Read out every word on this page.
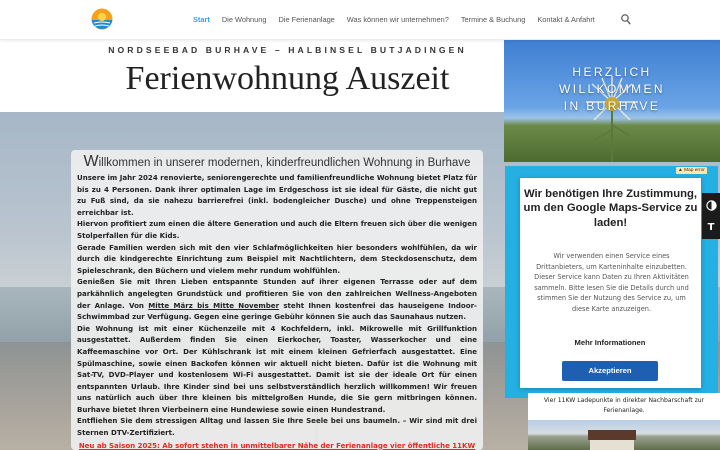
Start Die Wohnung Die Ferienanlage Was können wir unternehmen? Termine & Buchung Kontakt & Anfahrt
NORDSEEBAD BURHAVE – HALBINSEL BUTJADINGEN
Ferienwohnung Auszeit
Willkommen in unserer modernen, kinderfreundlichen Wohnung in Burhave

Unsere im Jahr 2024 renovierte, seniorengerechte und familienfreundliche Wohnung bietet Platz für bis zu 4 Personen. Dank ihrer optimalen Lage im Erdgeschoss ist sie ideal für Gäste, die nicht gut zu Fuß sind, da sie nahezu barrierefrei (inkl. bodengleicher Dusche) und ohne Treppensteigen erreichbar ist.

Hiervon profitiert zum einen die ältere Generation und auch die Eltern freuen sich über die wenigen Stolperfallen für die Kids.

Gerade Familien werden sich mit den vier Schlafmöglichkeiten hier besonders wohlfühlen, da wir durch die kindgerechte Einrichtung zum Beispiel mit Nachtlichtern, dem Steckdosenschutz, dem Spieleschrank, den Büchern und vielem mehr rundum wohlfühlen.

Genießen Sie mit Ihren Lieben entspannte Stunden auf ihrer eigenen Terrasse oder auf dem parkähnlich angelegten Grundstück und profitieren Sie von den zahlreichen Wellness-Angeboten der Anlage. Von Mitte März bis Mitte November steht Ihnen kostenfrei das hauseigene Indoor-Schwimmbad zur Verfügung. Gegen eine geringe Gebühr können Sie auch das Saunahaus nutzen.

Die Wohnung ist mit einer Küchenzeile mit 4 Kochfeldern, inkl. Mikrowelle mit Grillfunktion ausgestattet. Außerdem finden Sie einen Eierkocher, Toaster, Wasserkocher und eine Kaffeemaschine vor Ort. Der Kühlschrank ist mit einem kleinen Gefrierfach ausgestattet. Eine Spülmaschine, sowie einen Backofen können wir aktuell nicht bieten. Dafür ist die Wohnung mit Sat-TV, DVD-Player und kostenlosem Wi-Fi ausgestattet. Damit ist sie der ideale Ort für einen entspannten Urlaub. Ihre Kinder sind bei uns selbstverständlich herzlich willkommen! Wir freuen uns natürlich auch über Ihre kleinen bis mittelgroßen Hunde, die Sie gern mitbringen können. Burhave bietet Ihren Vierbeinern eine Hundewiese sowie einen Hundestrand.

Entfliehen Sie dem stressigen Alltag und lassen Sie Ihre Seele bei uns baumeln. – Wir sind mit drei Sternen DTV-Zertifiziert.

Neu ab Saison 2025: Ab sofort stehen in unmittelbarer Nähe der Ferienanlage vier öffentliche 11KW

HERZLICH
WILLKOMMEN
IN BURHAVE
▲ Map error
Wir benötigen Ihre Zustimmung, um den Google Maps-Service zu laden!
Wir verwenden einen Service eines Drittanbieters, um Karteninhalte einzubetten. Dieser Service kann Daten zu Ihren Aktivitäten sammeln. Bitte lesen Sie die Details durch und stimmen Sie der Nutzung des Service zu, um diese Karte anzuzeigen.
Mehr Informationen
Akzeptieren
Vier 11KW Ladepunkte in direkter Nachbarschaft zur Ferienanlage.
T
